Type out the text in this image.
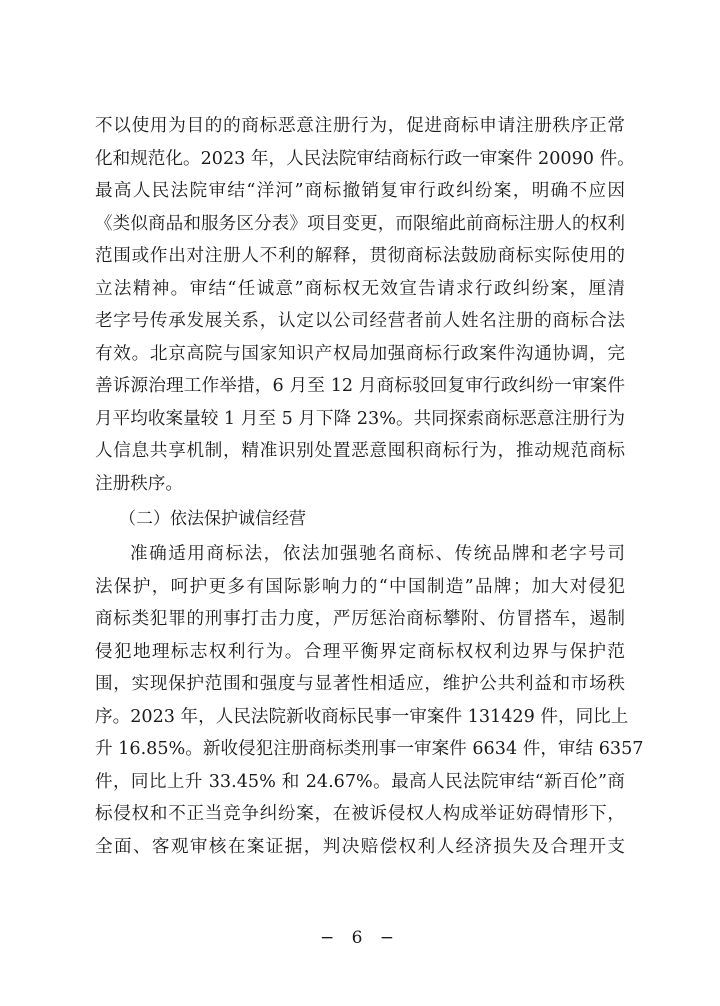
不以使用为目的的商标恶意注册行为，促进商标申请注册秩序正常
化和规范化。2023 年，人民法院审结商标行政一审案件 20090 件。
最高人民法院审结“洋河”商标撤销复审行政纠纷案，明确不应因
《类似商品和服务区分表》项目变更，而限缩此前商标注册人的权利
范围或作出对注册人不利的解释，贯彻商标法鼓励商标实际使用的
立法精神。审结“任诚意”商标权无效宣告请求行政纠纷案，厘清
老字号传承发展关系，认定以公司经营者前人姓名注册的商标合法
有效。北京高院与国家知识产权局加强商标行政案件沟通协调，完
善诉源治理工作举措，6 月至 12 月商标驳回复审行政纠纷一审案件
月平均收案量较 1 月至 5 月下降 23%。共同探索商标恶意注册行为
人信息共享机制，精准识别处置恶意囤积商标行为，推动规范商标
注册秩序。
（二）依法保护诚信经营
准确适用商标法，依法加强驰名商标、传统品牌和老字号司
法保护，呵护更多有国际影响力的“中国制造”品牌；加大对侵犯
商标类犯罪的刑事打击力度，严厉惩治商标攀附、仿冒搭车，遏制
侵犯地理标志权利行为。合理平衡界定商标权权利边界与保护范
围，实现保护范围和强度与显著性相适应，维护公共利益和市场秩
序。2023 年，人民法院新收商标民事一审案件 131429 件，同比上
升 16.85%。新收侵犯注册商标类刑事一审案件 6634 件，审结 6357
件，同比上升 33.45% 和 24.67%。最高人民法院审结“新百伦”商
标侵权和不正当竞争纠纷案，在被诉侵权人构成举证妨碍情形下，
全面、客观审核在案证据，判决赔偿权利人经济损失及合理开支
− 6 −
